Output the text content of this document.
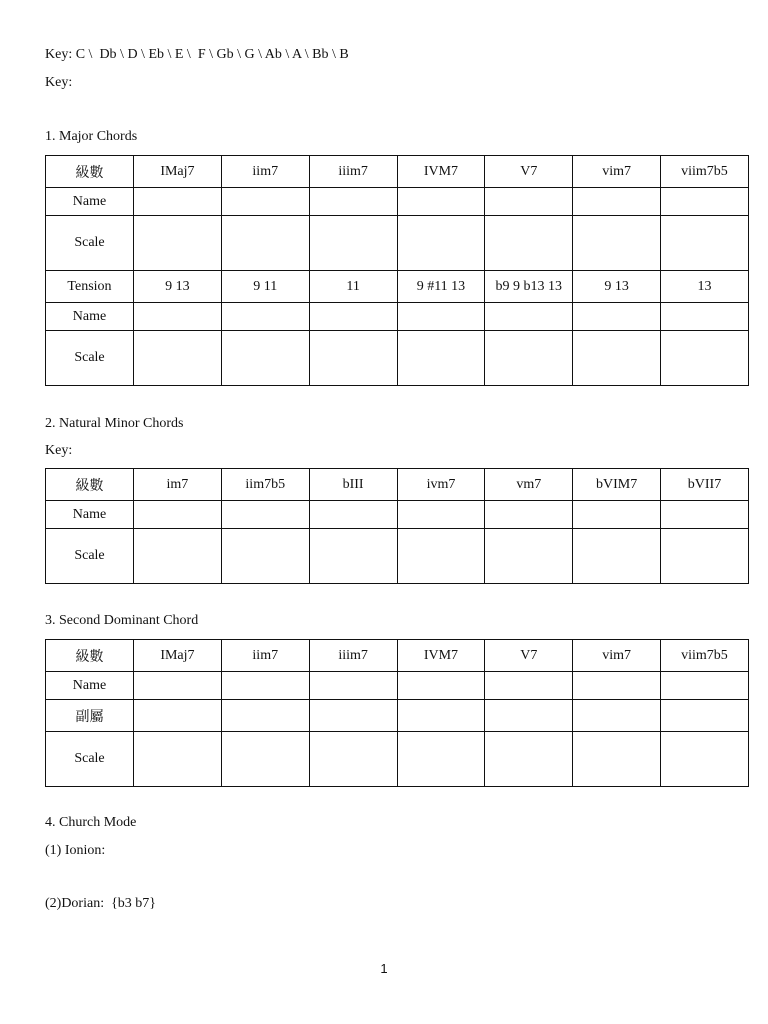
Key: C \  Db \ D \ Eb \ E \  F \ Gb \ G \ Ab \ A \ Bb \ B
Key:
1. Major Chords
級數	IMaj7	iim7	iiim7	IVM7	V7	vim7	viim7b5
Name							
Scale							
Tension	9 13	9 11	11	9 #11 13	b9 9 b13 13	9 13	13
Name							
Scale							
2. Natural Minor Chords
Key:
級數	im7	iim7b5	bIII	ivm7	vm7	bVIM7	bVII7
Name							
Scale							
3. Second Dominant Chord
級數	IMaj7	iim7	iiim7	IVM7	V7	vim7	viim7b5
Name							
副屬							
Scale							
4. Church Mode
(1) Ionion:
(2)Dorian:  {b3 b7}
1
